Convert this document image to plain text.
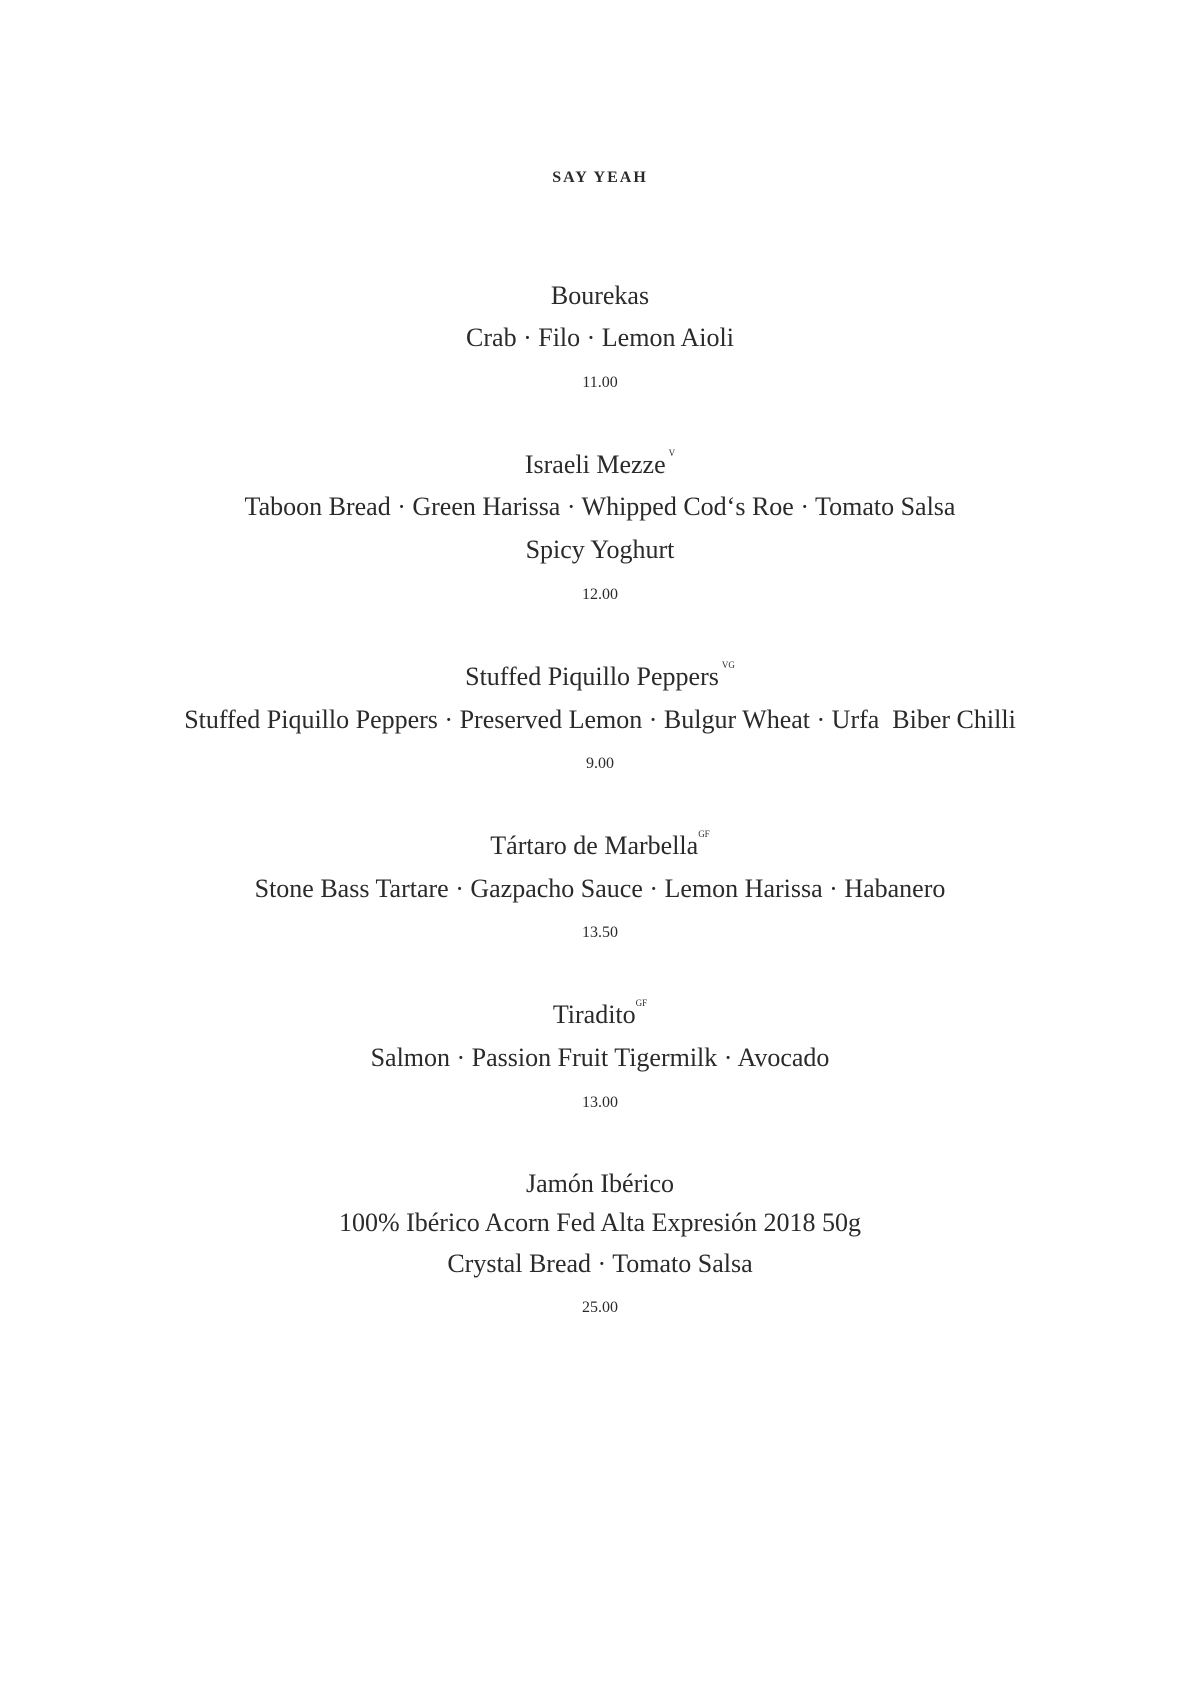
SAY YEAH
Bourekas
Crab · Filo · Lemon Aioli
11.00
Israeli Mezze $^V$
Taboon Bread · Green Harissa · Whipped Cod‘s Roe · Tomato Salsa
Spicy Yoghurt
12.00
Stuffed Piquillo Peppers $^{VG}$
Stuffed Piquillo Peppers · Preserved Lemon · Bulgur Wheat · Urfa  Biber Chilli
9.00
Tártaro de Marbella$^{GF}$
Stone Bass Tartare · Gazpacho Sauce · Lemon Harissa · Habanero
13.50
Tiradito$^{GF}$
Salmon · Passion Fruit Tigermilk · Avocado
13.00
Jamón Ibérico
100% Ibérico Acorn Fed Alta Expresión 2018 50g
Crystal Bread · Tomato Salsa
25.00
